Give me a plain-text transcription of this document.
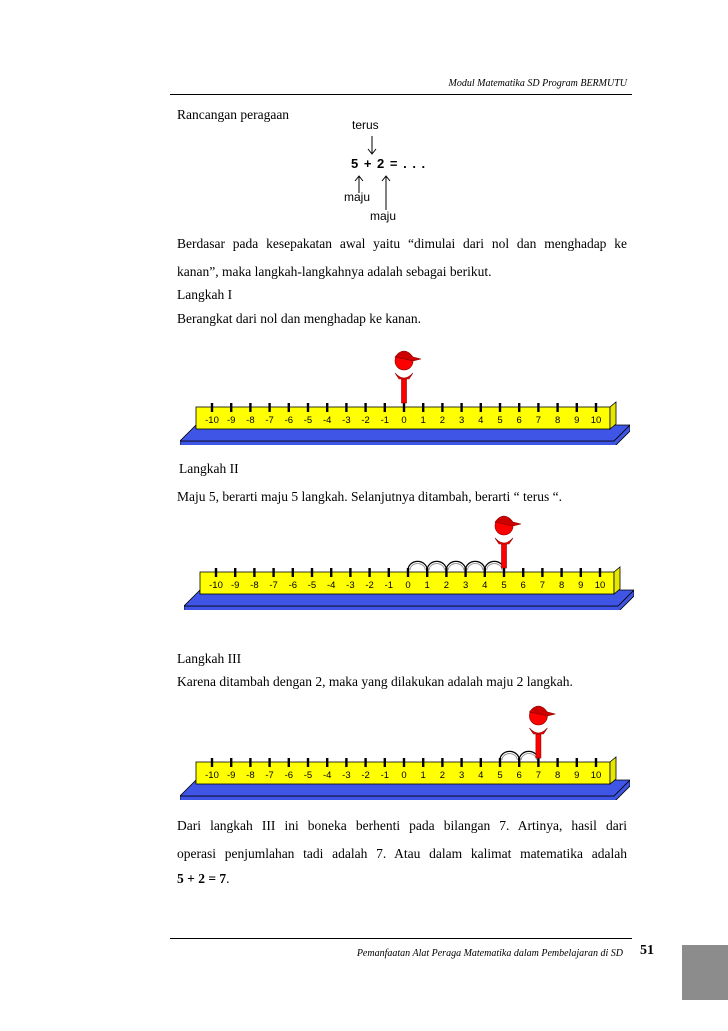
Modul Matematika SD Program BERMUTU
Rancangan peragaan
terus
5 + 2 = . . .
maju
maju
Berdasar pada kesepakatan awal yaitu “dimulai dari nol dan menghadap ke
kanan”, maka langkah-langkahnya adalah sebagai berikut.
Langkah I
Berangkat dari nol dan menghadap ke kanan.
-10 -9 -8 -7 -6 -5 -4 -3 -2 -1 0 1 2 3 4 5 6 7 8 9 10
Langkah II
Maju 5, berarti maju 5 langkah. Selanjutnya ditambah, berarti “ terus “.
-10 -9 -8 -7 -6 -5 -4 -3 -2 -1 0 1 2 3 4 5 6 7 8 9 10
Langkah III
Karena ditambah dengan 2, maka yang dilakukan adalah maju 2 langkah.
-10 -9 -8 -7 -6 -5 -4 -3 -2 -1 0 1 2 3 4 5 6 7 8 9 10
Dari langkah III ini boneka berhenti pada bilangan 7. Artinya, hasil dari
operasi penjumlahan tadi adalah 7. Atau dalam kalimat matematika adalah
5 + 2 = 7.
Pemanfaatan Alat Peraga Matematika dalam Pembelajaran di SD 51
